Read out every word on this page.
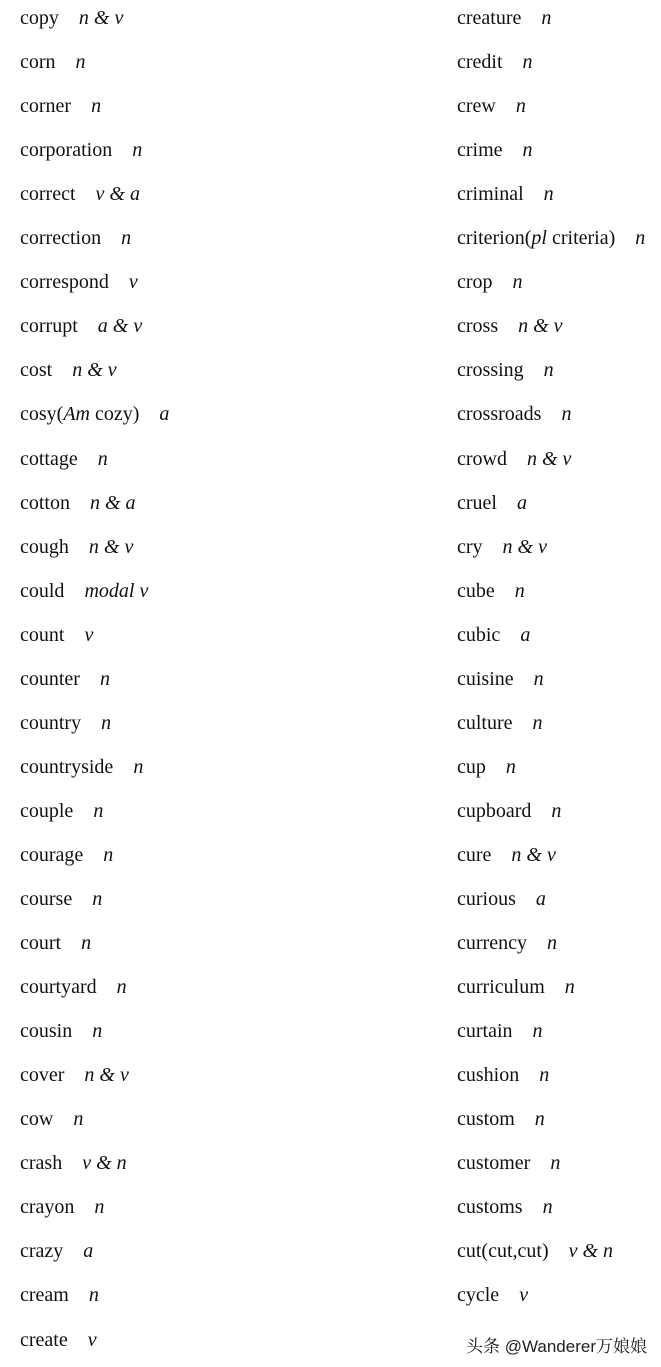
copy n & v
corn n
corner n
corporation n
correct v & a
correction n
correspond v
corrupt a & v
cost n & v
cosy(Am cozy) a
cottage n
cotton n & a
cough n & v
could modal v
count v
counter n
country n
countryside n
couple n
courage n
course n
court n
courtyard n
cousin n
cover n & v
cow n
crash v & n
crayon n
crazy a
cream n
create v
creature n
credit n
crew n
crime n
criminal n
criterion(pl criteria) n
crop n
cross n & v
crossing n
crossroads n
crowd n & v
cruel a
cry n & v
cube n
cubic a
cuisine n
culture n
cup n
cupboard n
cure n & v
curious a
currency n
curriculum n
curtain n
cushion n
custom n
customer n
customs n
cut(cut,cut) v & n
cycle v
头条 @Wanderer万娘娘
